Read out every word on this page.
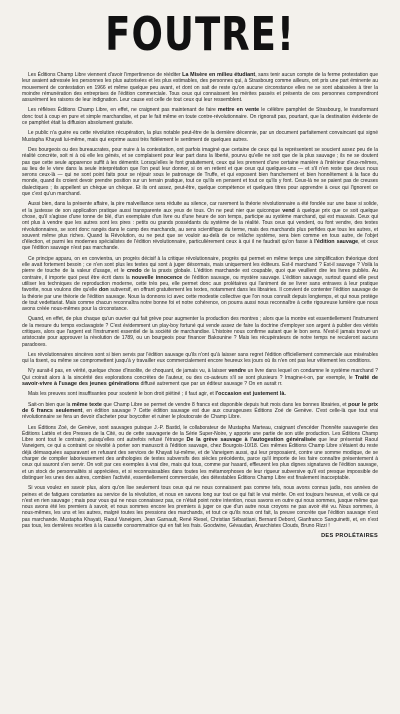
FOUTRE!

Les Éditions Champ Libre viennent d'avoir l'impertinence de rééditer La Misère en milieu étudiant, sans tenir aucun compte de la ferme protestation que leur avaient adressée les personnes les plus autorisées et les plus estimables, des personnes qui, à Strasbourg comme ailleurs, ont pris une part éminente au mouvement de contestation en 1966 et même quelque peu avant, et dont on sait de reste qu'on aucune circonstance elles ne se sont abaissées à tirer la moindre rémunération des entreprises de l'édition commerciale. Tous ceux qui connaissent les mérites passés et présents de ces personnes comprendront assurément les raisons de leur indignation. Leur cause est celle de tout ceux qui leur ressemblent.

Les réfléxes Éditions Champ Libre, en effet, ne craignent pas maintenant de faire mettre en vente le célèbre pamphlet de Strasbourg, le transformant donc tout à coup en pure et simple marchandise, et par le fait même en toute contre-révolutionnaire. On rignorait pas, pourtant, que la destination évidente de ce pamphlet était la diffusion absolument gratuite.

Le public n'a guère eu cette révolution récupération, la plus notable peut-être de la dernière décennie, par un document parfaitement convaincant qui signé Mustapha Khayati lui-même, mais qui exprime aussi très fidèlement le sentiment de quelques autres.

Des bourgeois ou des bureaucrates, pour nuire à la contestation, ont parfois imaginé que certaine de ceux qui la représentent se soucient assez peu de la réalité concrète, soit ni à où elle les génés, et se complaisent pour leur part dans la liberté, pourvu qu'elle ne soit que de la plus sauvage ; ils ne se doutent pas que cette seule apparence suffit à les démentir. Lorsqu'elles le font gratuitement, ceux qui les prennent d'une certaine manière à l'intérieur d'eux-mêmes, au lieu de le vivre dans la seule interprétation que l'on peut leur donner, si on en retient et que ceux qui quelques-uns — et s'il n'en reste que deux nous serons ceux-là — qui ne sont point faits pour se réjouir sous le patronage de Truffe, et qui exposent bien franchement et bien honnêtement à la face du monde, quand ils croient devoir prendre position sur un terrain pratique, tout ce qu'ils en pensent et tout ce qu'ils y font. Ceux-là ne se paient pas de creuses dialectiques ; ils appellent un chèque un chèque. Et ils ont assez, peut-être, quelque compétence et quelques titres pour apprendre à ceux qui l'ignorent ce que c'est qu'un marchand.

Aussi bien, dans la présente affaire, la pire malveillance sera réduite au silence, car rarement la théorie révolutionnaire a été fondée sur une base si solide, et la justesse de son application pratique aussi transparente aux yeux de tous. On ne peut nier que quiconque vend à quelque prix que ce soit quelque chose, qu'il s'agisse d'une tonne de blé, d'un exemplaire d'un livre ou d'une heure de son temps, participe au système marchand, qui est mauvais. Ceux qui ont plus à vendre que les autres sont les pires : petits ou grands possédants du système de la réalité. Tous ceux qui vendent, ou font vendre, des textes révolutionnaires, se sont donc rangés dans le camp des marchands, au sens scientifique du terme, mais des marchands plus perfides que tous les autres, et souvent même plus riches. Quand la Révolution, ou ne peut que se vouloir au-delà de ce relâche système, sera bien comme en tous autre, de l'objet d'élection, et parmi les modernes spécialistes de l'édition révolutionnaire, particulièrement ceux à qui il ne faudrait qu'on fasse à l'édition sauvage, et ceux que l'édition sauvage n'est pas marchande.

Ce principe apparu, on en convientra, un progrès décisif à la critique révolutionnaire, progrès qui permet en même temps une simplification théorique dont elle avait fortement besoin ; ce n'en sont plus les textes qui sont à juger désormais, mais uniquement les éditeurs. Est-il marchand ? Est-il sauvage ? Voilà la pierre de touche de la valeur d'usage, et le credo de la praxis globale. L'édition marchande est coupable, quoi que veuillent dire les livres publiés. Au contraire, il importe quoi peut être écrit dans la nouvelle innocence de l'édition sauvage, ou mystère sauvage. L'édition sauvage, surtout quand elle peut utiliser les techniques de reproduction moderne, cette très peu, elle permet donc aux prolétaires qui l'animent de se livrer sans entraves à leur pratique favorite, nous voulons dire qu'elle don subversif, en offrant gratuitement les textes, notamment dans les librairies. Il convient de contenter l'édition sauvage de la théorie par une théorie de l'édition sauvage. Nous la donnons ici avec cette modestie collective que l'on nous connaît depuis longtemps, et qui nous protège de tout vedettariat. Mais comme chacun reconnaîtra notre bonne foi et notre cohérence, on pourra aussi nous reconnaître à cette rigoureuse lumière que nous avons créée nous-mêmes pour la circonstance.

Quand, en effet, de plus chaque qu'un ouvrier qui fait grève pour augmenter la production des montres ; alors que la montre est essentiellement l'instrument de la mesure du temps exclavagiste ? C'est évidemment un play-boy fortuné qui vende assez de faire la doctrine d'employer son argent à publier des vérités critiques, alors que l'argent est l'instrument essentiel de la société de marchandise. L'histoire nous confirme autant que le bon sens. N'est-il jamais trouvé un aristocrate pour approuver la révolution de 1789, ou un bourgeois pour financer Bakounine ? Mais les récupérateurs de notre temps ne reculeront aucuns paradoxes.

Les révolutionnaires sincères sont si bien servis par l'édition sauvage qu'ils n'ont qu'à laisser sans regret l'édition officiellement commerciale aux misérables qui la tisent, ou même se compromettent jusqu'à y travailler eux commercialement encore heureux les jours où ils n'en ont pas leur vêtement les conditions.

N'y aurait-il pas, en vérité, quelque chose d'insolite, de choquant, de jamais vu, à laisser vendre un livre dans lequel on condamne le système marchand ? Qui croirait alors à la sincérité des explorations concrètes de l'auteur, ou des co-auteurs s'il se sont plusieurs ? Imagine-t-on, par exemple, le Traité de savoir-vivre à l'usage des jeunes générations diffusé autrement que par un éditeur sauvage ? On en aurait rr.

Mais les preuves sont insuffisantes pour soutenir le bon droit piétiné ; il faut agir, et l'occasion est justement là.

Sait-on bien que la même texte que Champ Libre se permet de vendre 8 francs est disponible depuis huit mois dans les bonnes librairies, et pour le prix de 6 francs seulement, en édition sauvage ? Cette édition sauvage est due aux courageuses Éditions Zoé de Genève. C'est celle-là que tout vrai révolutionnaire se fera un devoir d'acheter pour boycotter et ruiner le ploutocrate de Champ Libre.

Les Éditions Zoé, de Genève, sont sauvages puisque J.-P. Bastid, le collaborateur de Mustapha Marteau, craignant d'encéder l'honnête sauvagerie des Éditions Lattès et des Presses de la Cité, ou de cette sauvagerie de la Série Super-Noire, y apporte une partie de son utile production. Les Éditions Champ Libre sont tout le contraire, puisqu'elles ont autrefois refusé l'étrange De la grève sauvage à l'autogestion généralisée que leur présentait Raoul Vaneigem, ce qui a contraint ce révolté à porter son manuscrit à l'édition sauvage, chez Bourgois-10/18. Ces mêmes Éditions Champ Libre s'étaient du reste déjà démasquées auparavant en refusant des services de Khayati lui-même, et de Vaneigem aussi, qui leur proposaient, contre une somme modique, de se charger de compiler laborieusement des anthologies de textes subversifs des siècles précédents, parce qu'il importe de les faire connaître présentement à ceux qui sauront s'en servir. On voit par ces exemples à vrai dire, mais qui tous, comme par hasard, effleurent les plus dignes signatures de l'édition sauvage, et un stock de personnalités si appréciées, et si reconnaissables dans toutes les métamorphoses de leur rigueur subversive qu'il est presque impossible de distinguer les unes des autres, combien l'activité, essentiellement commerciale, des détestables Éditions Champ Libre est finalement inacceptable.

Si vous voulez en savoir plus, alors qu'on lise seulement tous ceux qui ne nous connaissent pas comme tels, nous avons connus jadis, nos années de peines et de fatigues constantes au service de la révolution, et nous en savons long sur tout ce qui fait le vrai mérite. On est toujours heureux, et voilà ce qui n'est en rien sauvage ; mais pour vous qui ne nous connaissez pas, ce n'était point notre intention, nous savons en outre qui nous sommes, jusque même que nous avons été les premiers à savoir, et nous sommes encore les premiers à juger ce que d'un autre nous croyons ne pas avoir été vu. Nous sommes, à nous-mêmes, les uns et les autres, malgré toutes les pressions des marchands, et tout ce qu'ils nous ont fait, la preuve concrète que l'édition sauvage n'est pas marchande. Mustapha Khayati, Raoul Vaneigem, Jean Garnault, René Riesel, Christian Sébastiani, Bernard Debord, Gianfranco Sanguinetti, et, en n'est pas tous, les dernières recettes à la cassette consommatrice qui en fait les frais. Goodwine, Gévaudan, Anarchistes Clouds, Bruno Rizzi !

DES PROLÉTAIRES
